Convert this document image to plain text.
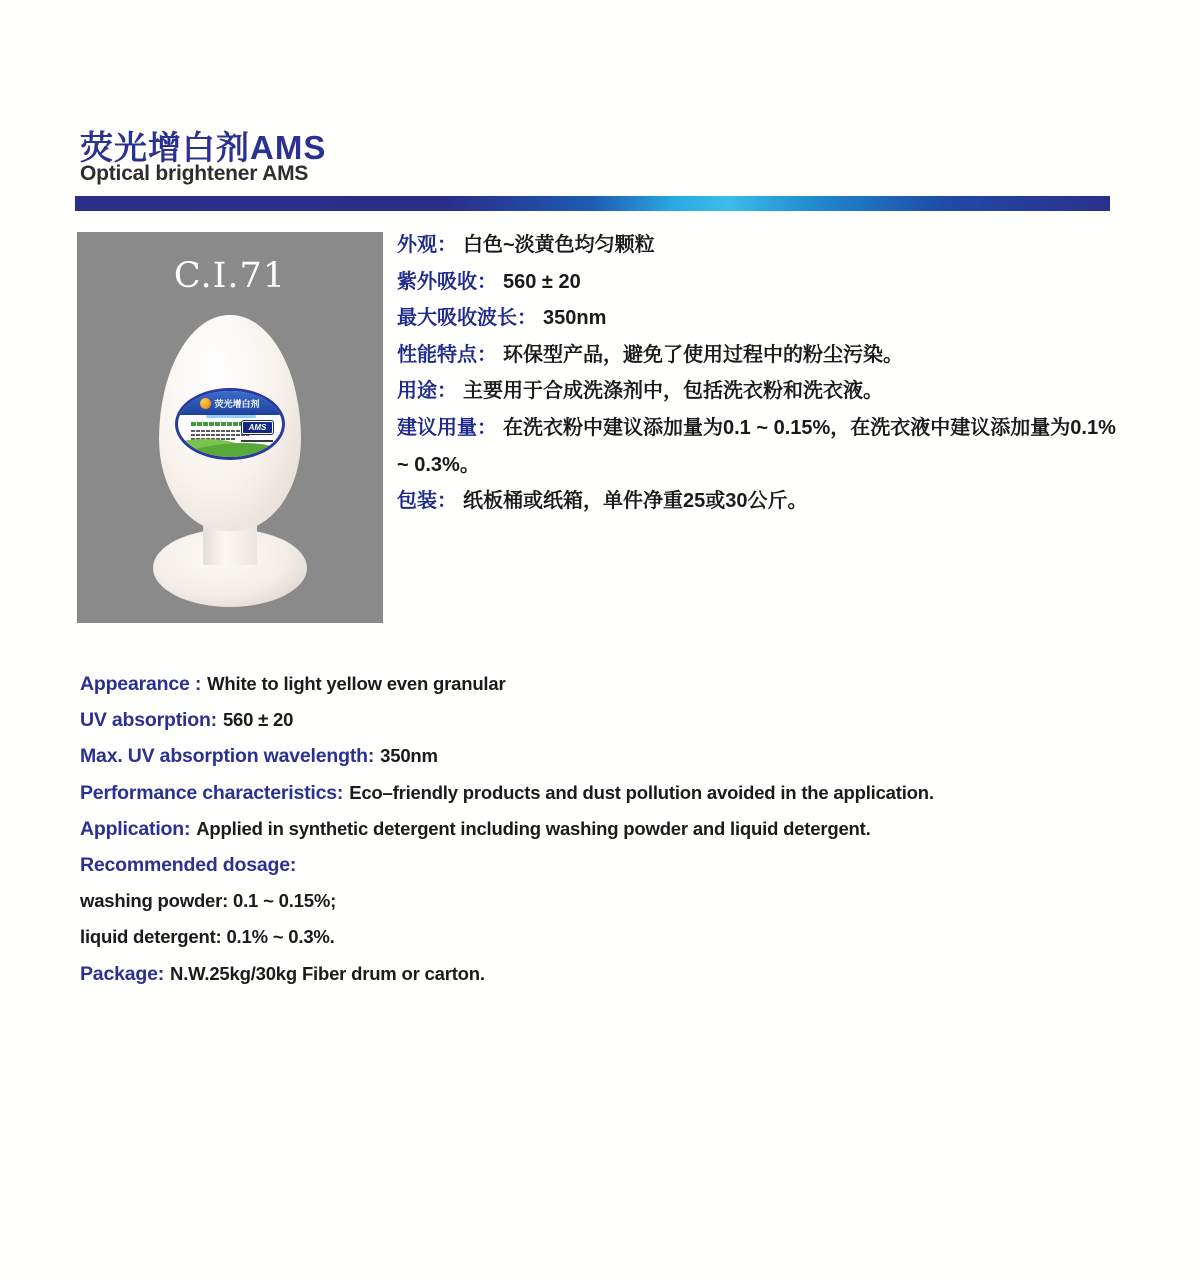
荧光增白剂AMS
Optical brightener AMS
C.I.71
荧光增白剂
AMS
外观： 白色~淡黄色均匀颗粒
紫外吸收： 560 ± 20
最大吸收波长： 350nm
性能特点： 环保型产品，避免了使用过程中的粉尘污染。
用途： 主要用于合成洗涤剂中，包括洗衣粉和洗衣液。
建议用量： 在洗衣粉中建议添加量为0.1 ~ 0.15%，在洗衣液中建议添加量为0.1% ~ 0.3%。
包装： 纸板桶或纸箱，单件净重25或30公斤。
Appearance : White to light yellow even granular
UV absorption: 560 ± 20
Max. UV absorption wavelength: 350nm
Performance characteristics: Eco–friendly products and dust pollution avoided in the application.
Application: Applied in synthetic detergent including washing powder and liquid detergent.
Recommended dosage:
washing powder: 0.1 ~ 0.15%;
liquid detergent: 0.1% ~ 0.3%.
Package: N.W.25kg/30kg Fiber drum or carton.
